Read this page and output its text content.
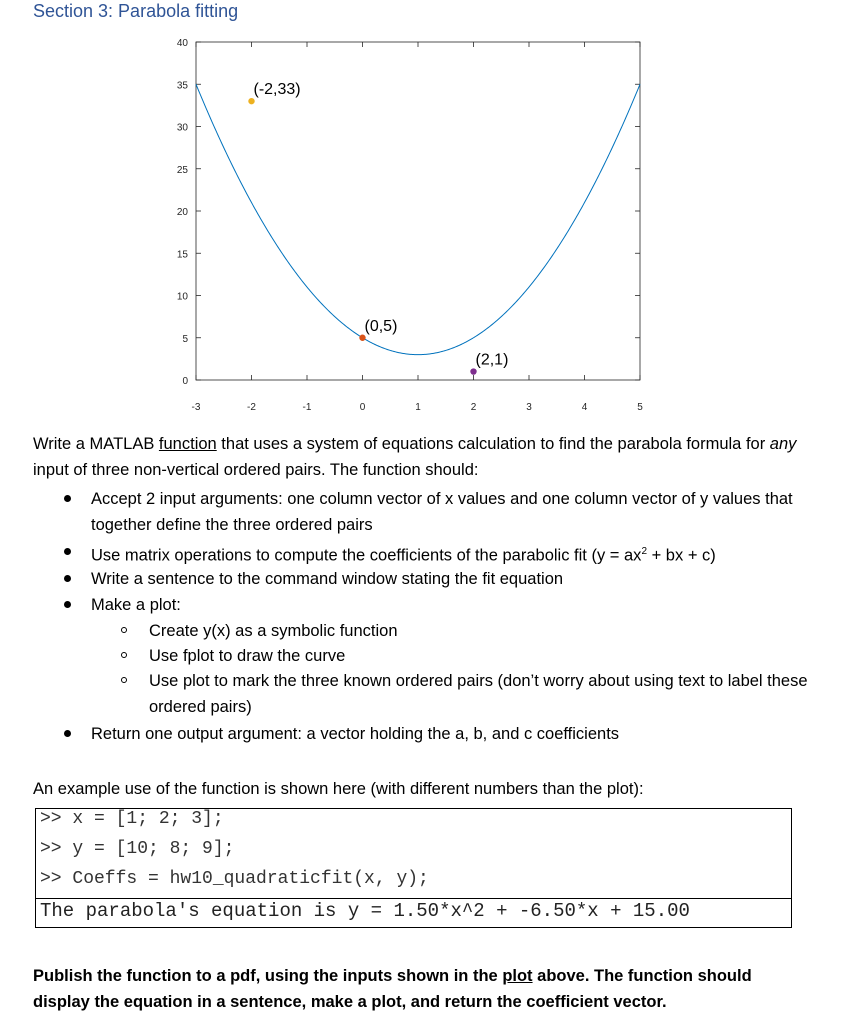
Section 3: Parabola fitting
-3	-2	-1	0	1	2	3	4	5
0
5
10
15
20
25
30
35
40
(-2,33)
(0,5)
(2,1)
Write a MATLAB function that uses a system of equations calculation to find the parabola formula for any input of three non-vertical ordered pairs. The function should:
Accept 2 input arguments: one column vector of x values and one column vector of y values that together define the three ordered pairs
Use matrix operations to compute the coefficients of the parabolic fit ($y = ax^2$ + bx + c)
Write a sentence to the command window stating the fit equation
Make a plot:
Create y(x) as a symbolic function
Use fplot to draw the curve
Use plot to mark the three known ordered pairs (don’t worry about using text to label these ordered pairs)
Return one output argument: a vector holding the a, b, and c coefficients
An example use of the function is shown here (with different numbers than the plot):
>> x = [1; 2; 3];
>> y = [10; 8; 9];
>> Coeffs = hw10_quadraticfit(x, y);
The parabola's equation is y = 1.50*x^2 + -6.50*x + 15.00
Publish the function to a pdf, using the inputs shown in the plot above. The function should display the equation in a sentence, make a plot, and return the coefficient vector.
